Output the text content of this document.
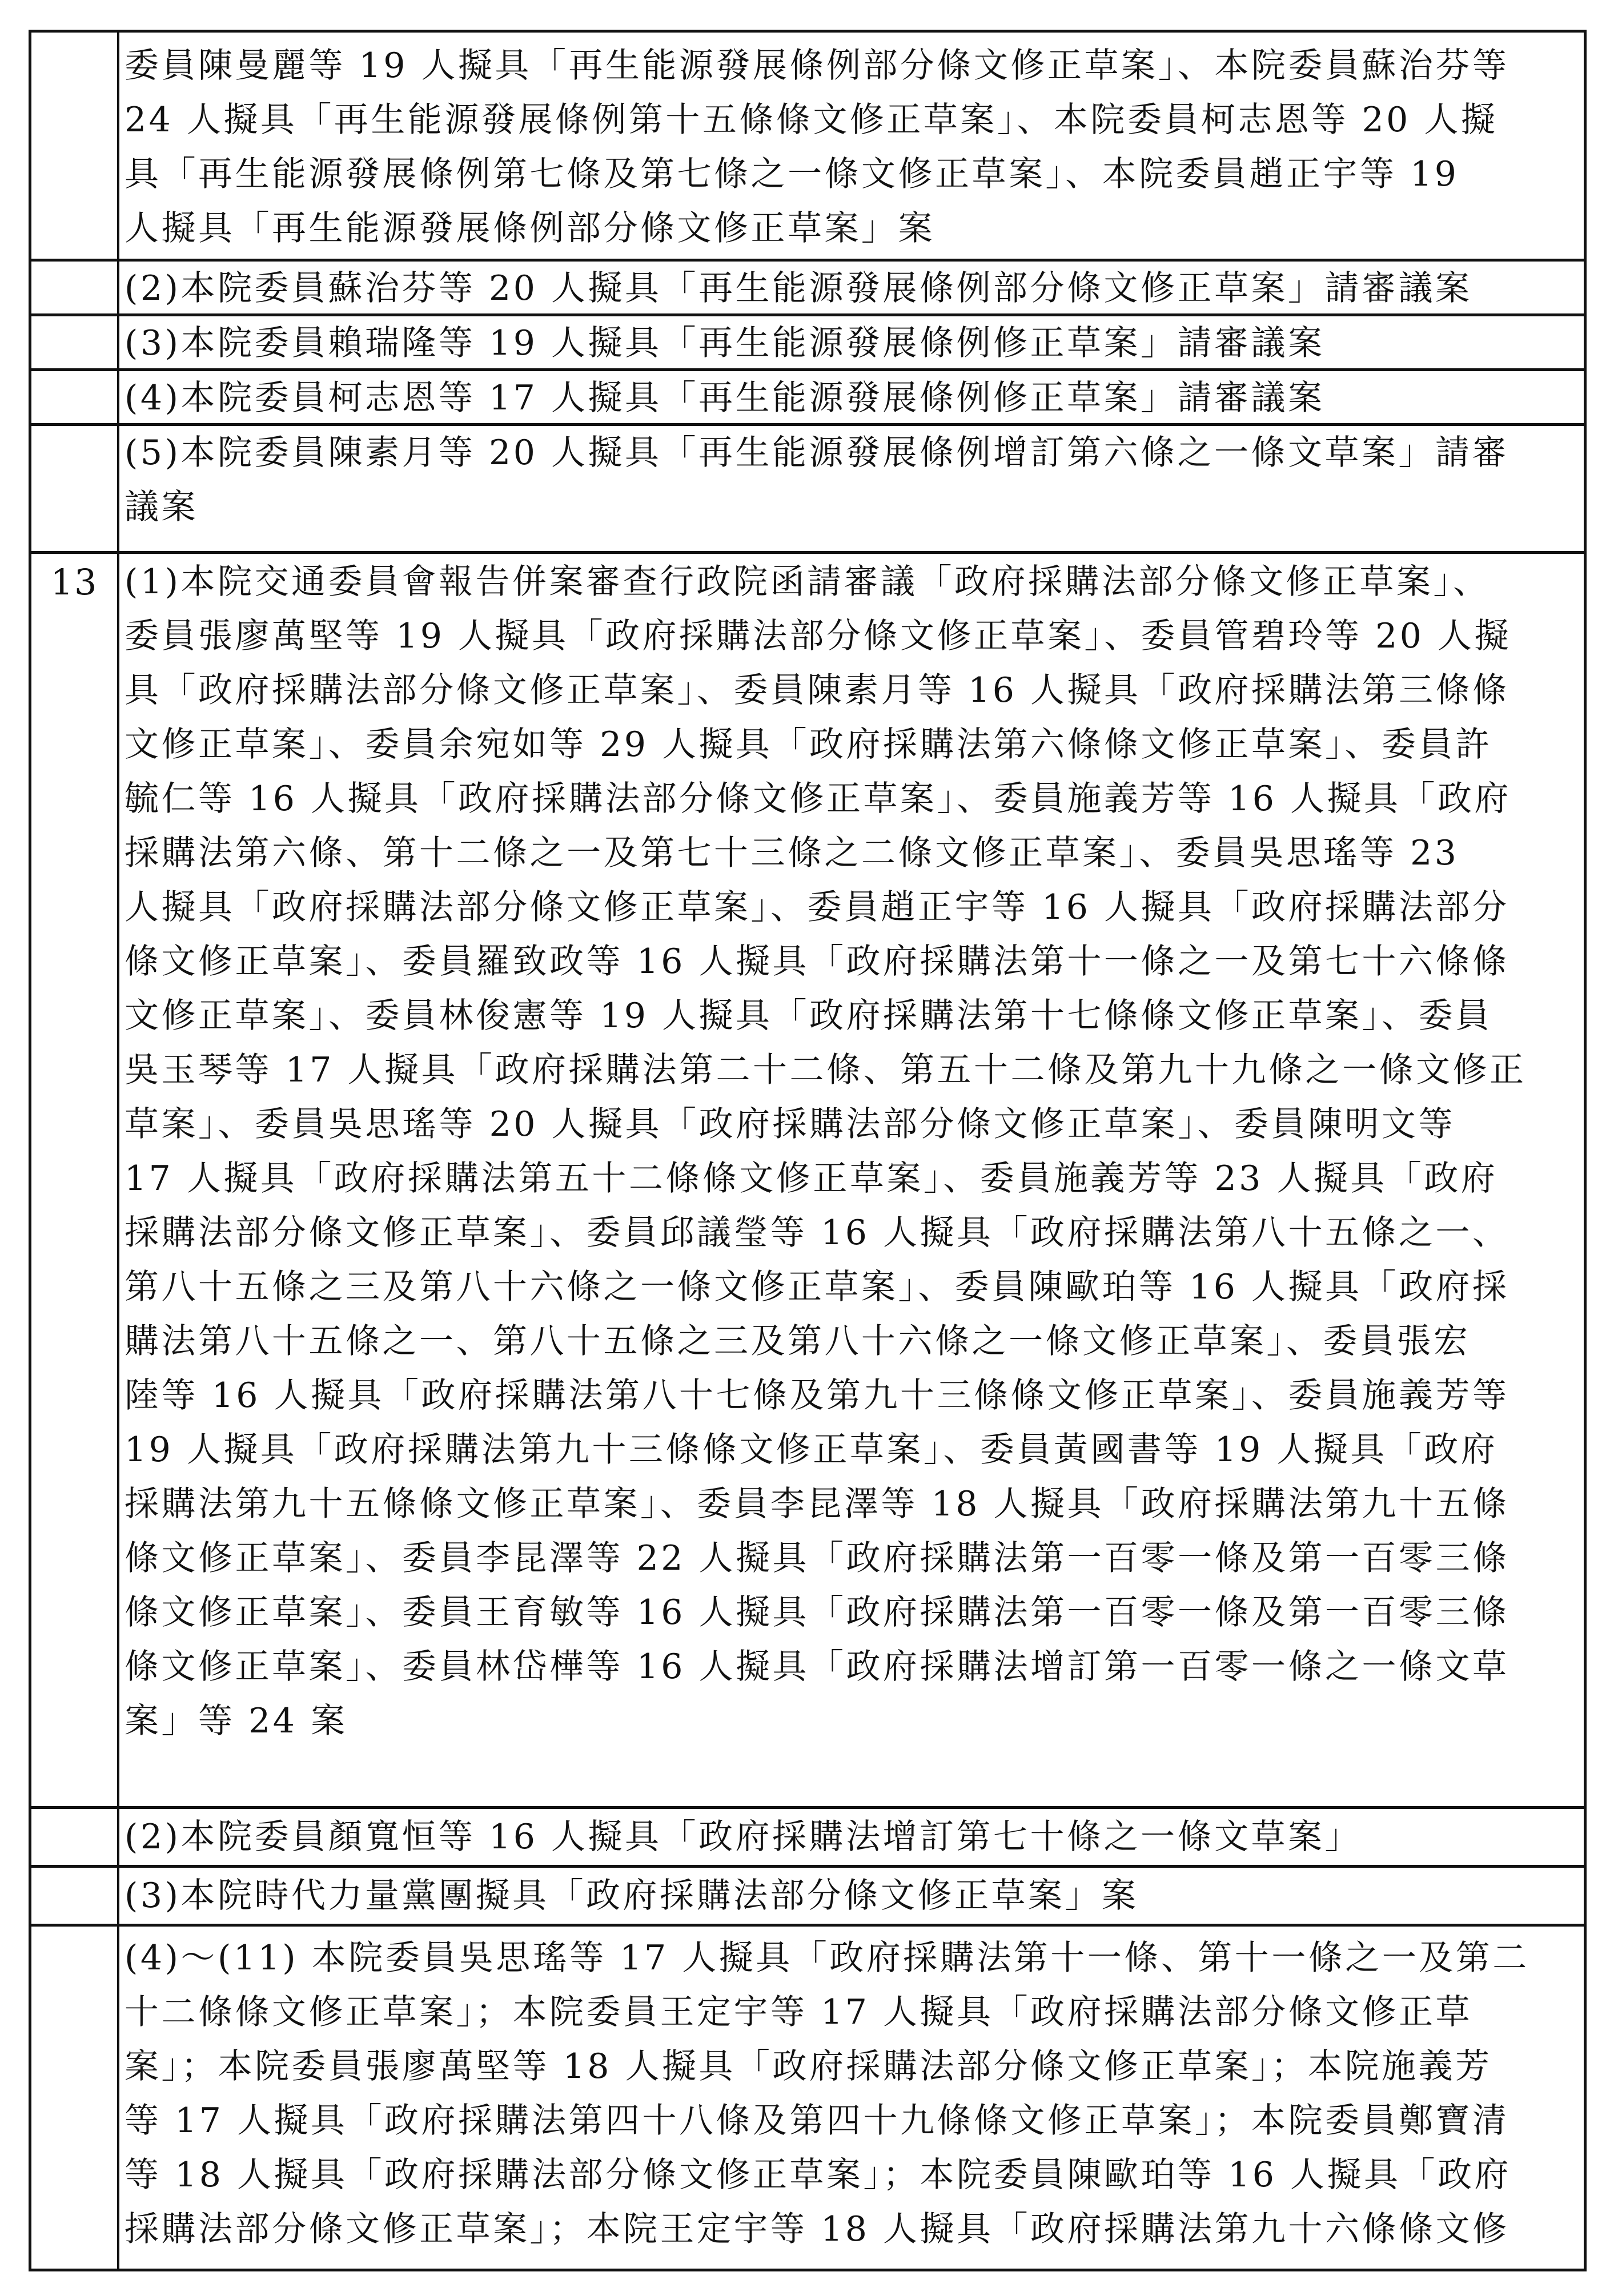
委員陳曼麗等 19 人擬具「再生能源發展條例部分條文修正草案」、本院委員蘇治芬等
24 人擬具「再生能源發展條例第十五條條文修正草案」、本院委員柯志恩等 20 人擬
具「再生能源發展條例第七條及第七條之一條文修正草案」、本院委員趙正宇等 19
人擬具「再生能源發展條例部分條文修正草案」案
(2)本院委員蘇治芬等 20 人擬具「再生能源發展條例部分條文修正草案」請審議案
(3)本院委員賴瑞隆等 19 人擬具「再生能源發展條例修正草案」請審議案
(4)本院委員柯志恩等 17 人擬具「再生能源發展條例修正草案」請審議案
(5)本院委員陳素月等 20 人擬具「再生能源發展條例增訂第六條之一條文草案」請審
議案
13 (1)本院交通委員會報告併案審查行政院函請審議「政府採購法部分條文修正草案」、
委員張廖萬堅等 19 人擬具「政府採購法部分條文修正草案」、委員管碧玲等 20 人擬
具「政府採購法部分條文修正草案」、委員陳素月等 16 人擬具「政府採購法第三條條
文修正草案」、委員余宛如等 29 人擬具「政府採購法第六條條文修正草案」、委員許
毓仁等 16 人擬具「政府採購法部分條文修正草案」、委員施義芳等 16 人擬具「政府
採購法第六條、第十二條之一及第七十三條之二條文修正草案」、委員吳思瑤等 23
人擬具「政府採購法部分條文修正草案」、委員趙正宇等 16 人擬具「政府採購法部分
條文修正草案」、委員羅致政等 16 人擬具「政府採購法第十一條之一及第七十六條條
文修正草案」、委員林俊憲等 19 人擬具「政府採購法第十七條條文修正草案」、委員
吳玉琴等 17 人擬具「政府採購法第二十二條、第五十二條及第九十九條之一條文修正
草案」、委員吳思瑤等 20 人擬具「政府採購法部分條文修正草案」、委員陳明文等
17 人擬具「政府採購法第五十二條條文修正草案」、委員施義芳等 23 人擬具「政府
採購法部分條文修正草案」、委員邱議瑩等 16 人擬具「政府採購法第八十五條之一、
第八十五條之三及第八十六條之一條文修正草案」、委員陳歐珀等 16 人擬具「政府採
購法第八十五條之一、第八十五條之三及第八十六條之一條文修正草案」、委員張宏
陸等 16 人擬具「政府採購法第八十七條及第九十三條條文修正草案」、委員施義芳等
19 人擬具「政府採購法第九十三條條文修正草案」、委員黃國書等 19 人擬具「政府
採購法第九十五條條文修正草案」、委員李昆澤等 18 人擬具「政府採購法第九十五條
條文修正草案」、委員李昆澤等 22 人擬具「政府採購法第一百零一條及第一百零三條
條文修正草案」、委員王育敏等 16 人擬具「政府採購法第一百零一條及第一百零三條
條文修正草案」、委員林岱樺等 16 人擬具「政府採購法增訂第一百零一條之一條文草
案」等 24 案
(2)本院委員顏寬恒等 16 人擬具「政府採購法增訂第七十條之一條文草案」
(3)本院時代力量黨團擬具「政府採購法部分條文修正草案」案
(4)～(11) 本院委員吳思瑤等 17 人擬具「政府採購法第十一條、第十一條之一及第二
十二條條文修正草案」；本院委員王定宇等 17 人擬具「政府採購法部分條文修正草
案」；本院委員張廖萬堅等 18 人擬具「政府採購法部分條文修正草案」；本院施義芳
等 17 人擬具「政府採購法第四十八條及第四十九條條文修正草案」；本院委員鄭寶清
等 18 人擬具「政府採購法部分條文修正草案」；本院委員陳歐珀等 16 人擬具「政府
採購法部分條文修正草案」；本院王定宇等 18 人擬具「政府採購法第九十六條條文修
